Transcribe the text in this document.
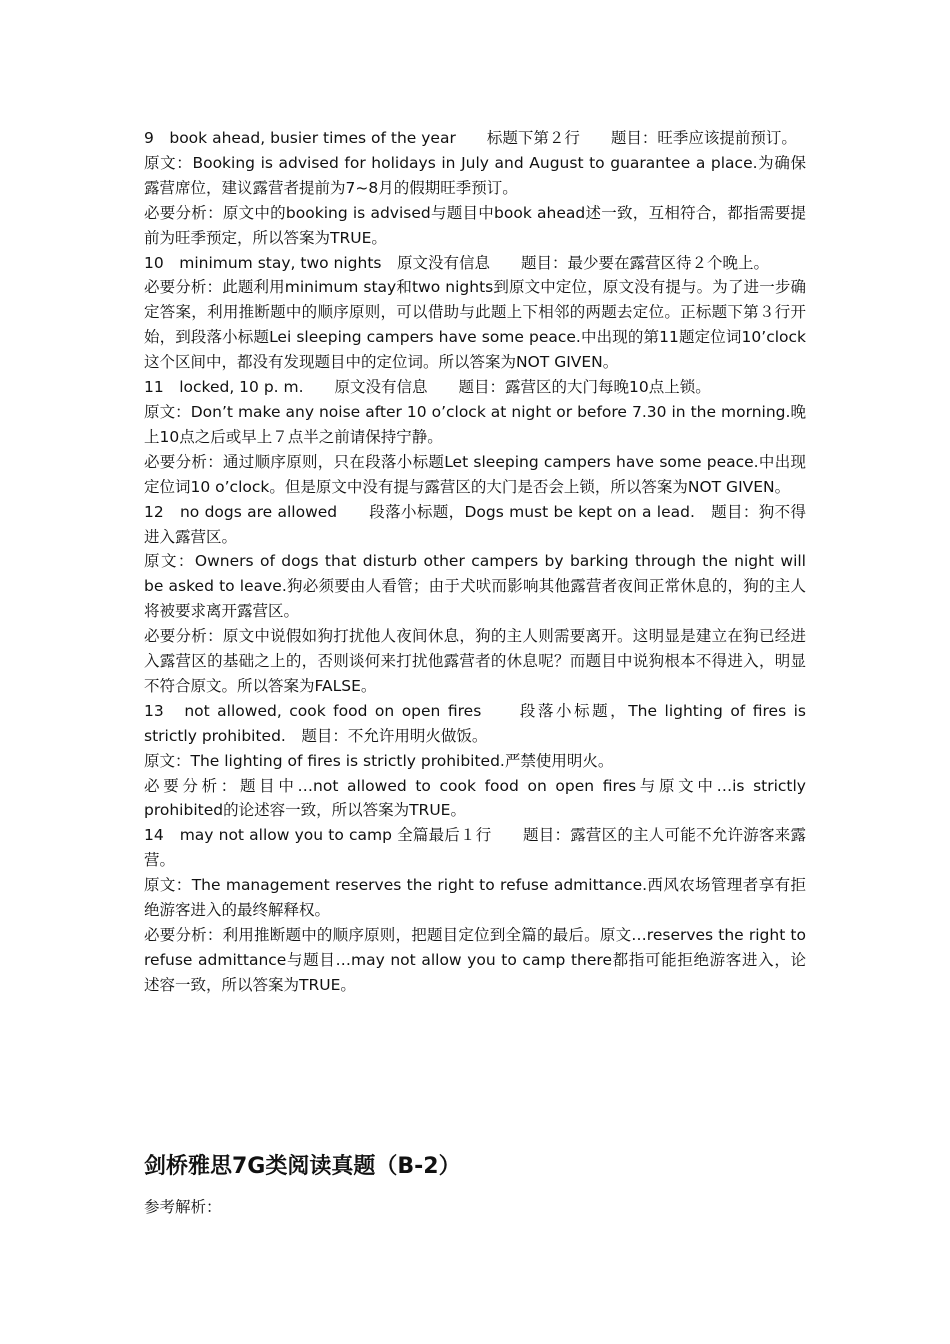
9　book ahead, busier times of the year　　标题下第２行　　题目：旺季应该提前预订。

原文：Booking is advised for holidays in July and August to guarantee a place.为确保露营席位，建议露营者提前为7~8月的假期旺季预订。

必要分析：原文中的booking is advised与题目中book ahead述一致，互相符合，都指需要提前为旺季预定，所以答案为TRUE。

10　minimum stay, two nights　原文没有信息　　题目：最少要在露营区待２个晚上。

必要分析：此题利用minimum stay和two nights到原文中定位，原文没有提与。为了进一步确定答案，利用推断题中的顺序原则，可以借助与此题上下相邻的两题去定位。正标题下第３行开始，到段落小标题Lei sleeping campers have some peace.中出现的第11题定位词10’clock这个区间中，都没有发现题目中的定位词。所以答案为NOT GIVEN。

11　locked, 10 p. m.　　原文没有信息　　题目：露营区的大门每晚10点上锁。

原文：Don’t make any noise after 10 o’clock at night or before 7.30 in the morning.晚上10点之后或早上７点半之前请保持宁静。

必要分析：通过顺序原则，只在段落小标题Let sleeping campers have some peace.中出现定位词10 o’clock。但是原文中没有提与露营区的大门是否会上锁，所以答案为NOT GIVEN。

12　no dogs are allowed　　段落小标题，Dogs must be kept on a lead.　题目：狗不得进入露营区。

原文：Owners of dogs that disturb other campers by barking through the night will be asked to leave.狗必须要由人看管；由于犬吠而影响其他露营者夜间正常休息的，狗的主人将被要求离开露营区。

必要分析：原文中说假如狗打扰他人夜间休息，狗的主人则需要离开。这明显是建立在狗已经进入露营区的基础之上的，否则谈何来打扰他露营者的休息呢？而题目中说狗根本不得进入，明显不符合原文。所以答案为FALSE。

13　not allowed, cook food on open fires　　段落小标题，The lighting of fires is strictly prohibited.　题目：不允许用明火做饭。

原文：The lighting of fires is strictly prohibited.严禁使用明火。

必要分析：题目中…not allowed to cook food on open fires与原文中…is strictly prohibited的论述容一致，所以答案为TRUE。

14　may not allow you to camp 全篇最后１行　　题目：露营区的主人可能不允许游客来露营。

原文：The management reserves the right to refuse admittance.西风农场管理者享有拒绝游客进入的最终解释权。

必要分析：利用推断题中的顺序原则，把题目定位到全篇的最后。原文…reserves the right to refuse admittance与题目…may not allow you to camp there都指可能拒绝游客进入，论述容一致，所以答案为TRUE。

剑桥雅思7G类阅读真题（B-2）

参考解析：
